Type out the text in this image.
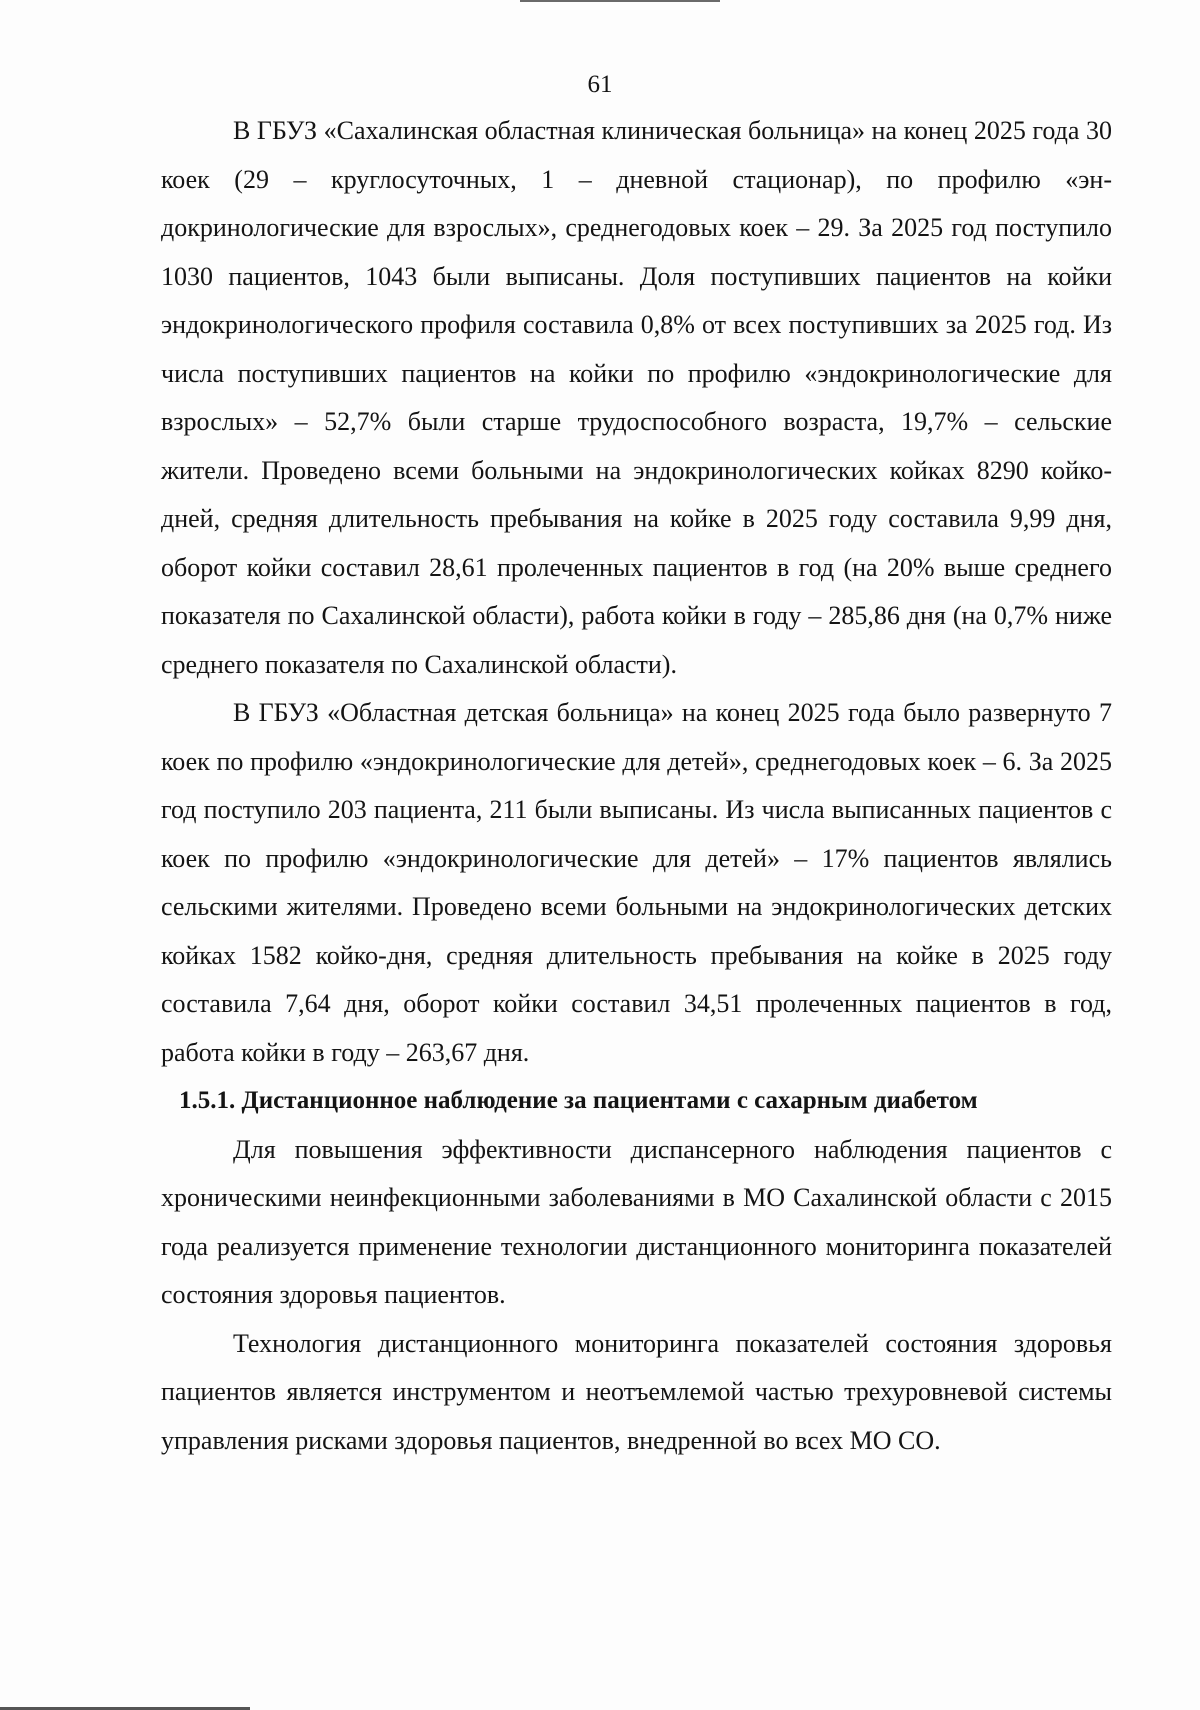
61

В ГБУЗ «Сахалинская областная клиническая больница» на конец 2025 года 30 коек (29 – круглосуточных, 1 – дневной стационар), по профилю «эндокринологические для взрослых», среднегодовых коек – 29. За 2025 год поступило 1030 пациентов, 1043 были выписаны. Доля поступивших пациентов на койки эндокринологического профиля составила 0,8% от всех поступивших за 2025 год. Из числа поступивших пациентов на койки по профилю «эндокринологические для взрослых» – 52,7% были старше трудоспособного возраста, 19,7% – сельские жители. Проведено всеми больными на эндокринологических койках 8290 койко-дней, средняя длительность пребывания на койке в 2025 году составила 9,99 дня, оборот койки составил 28,61 пролеченных пациентов в год (на 20% выше среднего показателя по Сахалинской области), работа койки в году – 285,86 дня (на 0,7% ниже среднего показателя по Сахалинской области).

В ГБУЗ «Областная детская больница» на конец 2025 года было развернуто 7 коек по профилю «эндокринологические для детей», среднегодовых коек – 6. За 2025 год поступило 203 пациента, 211 были выписаны. Из числа выписанных пациентов с коек по профилю «эндокринологические для детей» – 17% пациентов являлись сельскими жителями. Проведено всеми больными на эндокринологических детских койках 1582 койко-дня, средняя длительность пребывания на койке в 2025 году составила 7,64 дня, оборот койки составил 34,51 пролеченных пациентов в год, работа койки в году – 263,67 дня.

1.5.1. Дистанционное наблюдение за пациентами с сахарным диабетом

Для повышения эффективности диспансерного наблюдения пациентов с хроническими неинфекционными заболеваниями в МО Сахалинской области с 2015 года реализуется применение технологии дистанционного мониторинга показателей состояния здоровья пациентов.

Технология дистанционного мониторинга показателей состояния здоровья пациентов является инструментом и неотъемлемой частью трехуровневой системы управления рисками здоровья пациентов, внедренной во всех МО СО.
